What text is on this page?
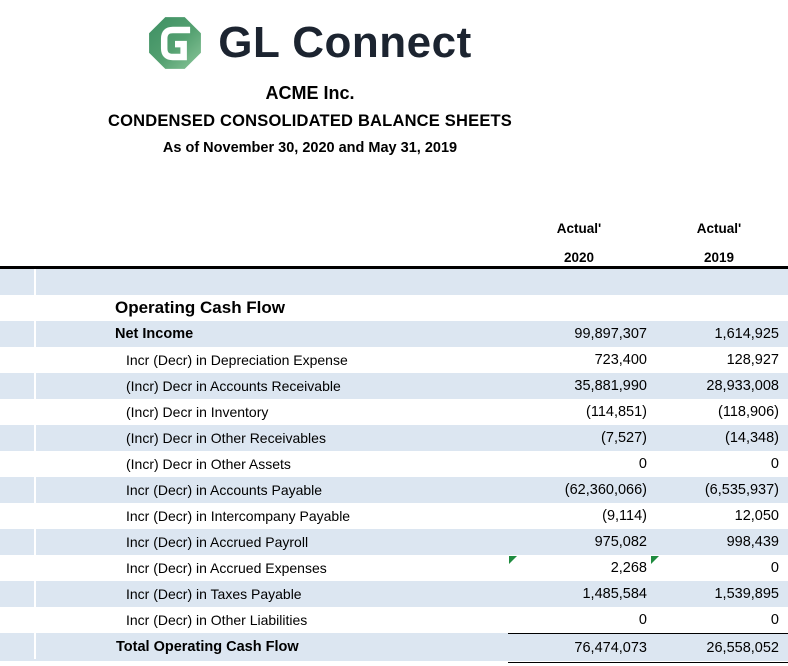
GL Connect
ACME Inc.
CONDENSED CONSOLIDATED BALANCE SHEETS
As of November 30, 2020 and May 31, 2019
Actual'
2020
Actual'
2019
Operating Cash Flow
Net Income	99,897,307	1,614,925
Incr (Decr) in Depreciation Expense	723,400	128,927
(Incr) Decr in Accounts Receivable	35,881,990	28,933,008
(Incr) Decr in Inventory	(114,851)	(118,906)
(Incr) Decr in Other Receivables	(7,527)	(14,348)
(Incr) Decr in Other Assets	0	0
Incr (Decr) in Accounts Payable	(62,360,066)	(6,535,937)
Incr (Decr) in Intercompany Payable	(9,114)	12,050
Incr (Decr) in Accrued Payroll	975,082	998,439
Incr (Decr) in Accrued Expenses	2,268	0
Incr (Decr) in Taxes Payable	1,485,584	1,539,895
Incr (Decr) in Other Liabilities	0	0
Total Operating Cash Flow	76,474,073	26,558,052
